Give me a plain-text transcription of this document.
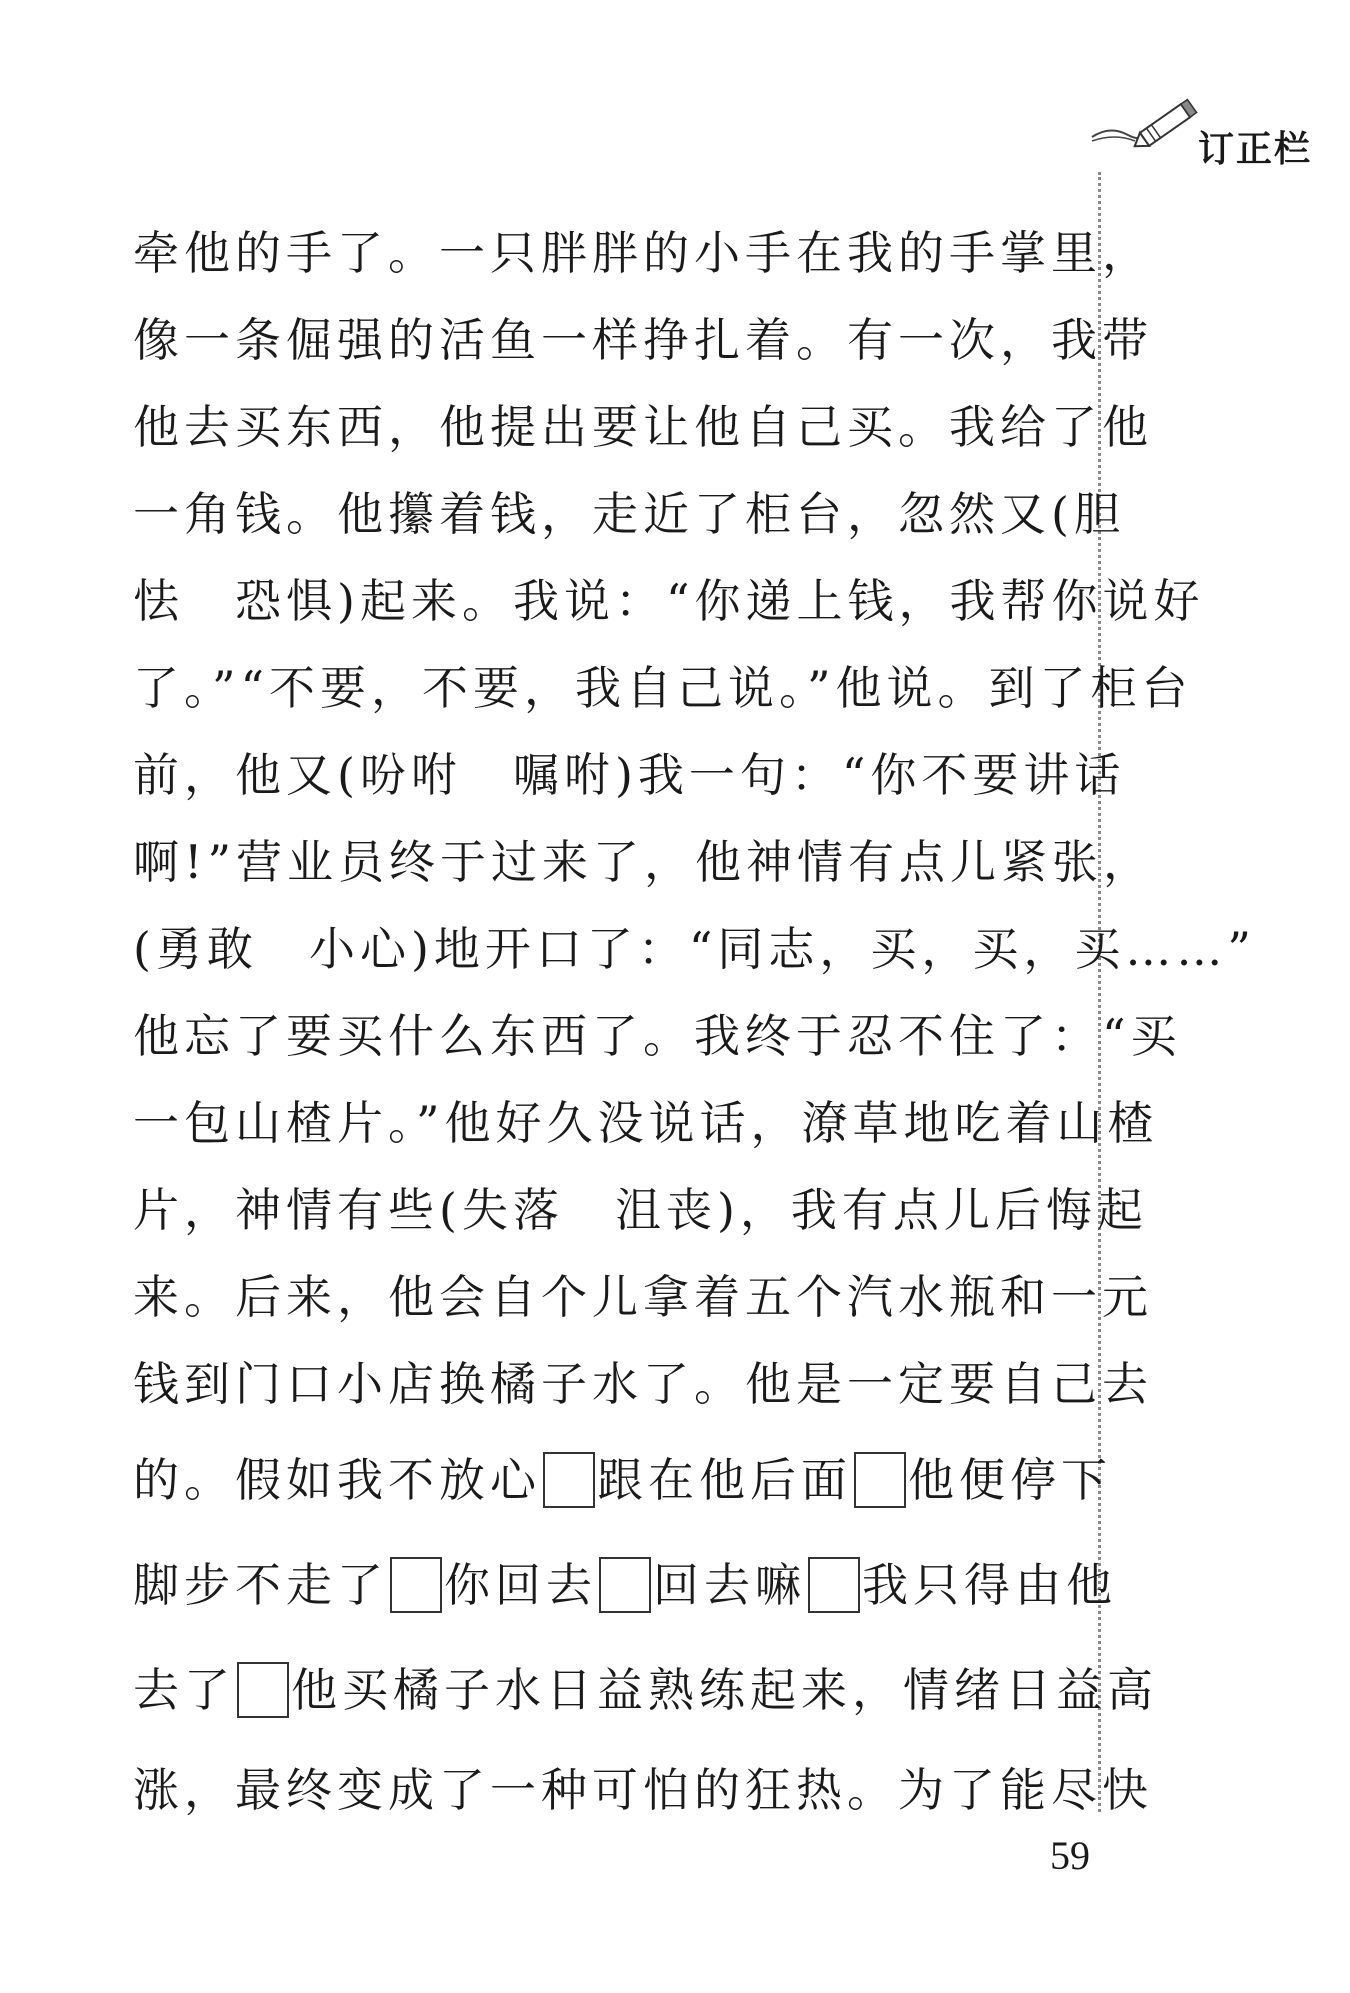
订正栏
牵他的手了。一只胖胖的小手在我的手掌里，
像一条倔强的活鱼一样挣扎着。有一次，我带
他去买东西，他提出要让他自己买。我给了他
一角钱。他攥着钱，走近了柜台，忽然又(胆
怯　恐惧)起来。我说：“你递上钱，我帮你说好
了。”“不要，不要，我自己说。”他说。到了柜台
前，他又(吩咐　嘱咐)我一句：“你不要讲话
啊!”营业员终于过来了，他神情有点儿紧张，
(勇敢　小心)地开口了：“同志，买，买，买……”
他忘了要买什么东西了。我终于忍不住了：“买
一包山楂片。”他好久没说话，潦草地吃着山楂
片，神情有些(失落　沮丧)，我有点儿后悔起
来。后来，他会自个儿拿着五个汽水瓶和一元
钱到门口小店换橘子水了。他是一定要自己去
的。假如我不放心 跟在他后面 他便停下
脚步不走了 你回去 回去嘛 我只得由他
去了 他买橘子水日益熟练起来，情绪日益高
涨，最终变成了一种可怕的狂热。为了能尽快
59
